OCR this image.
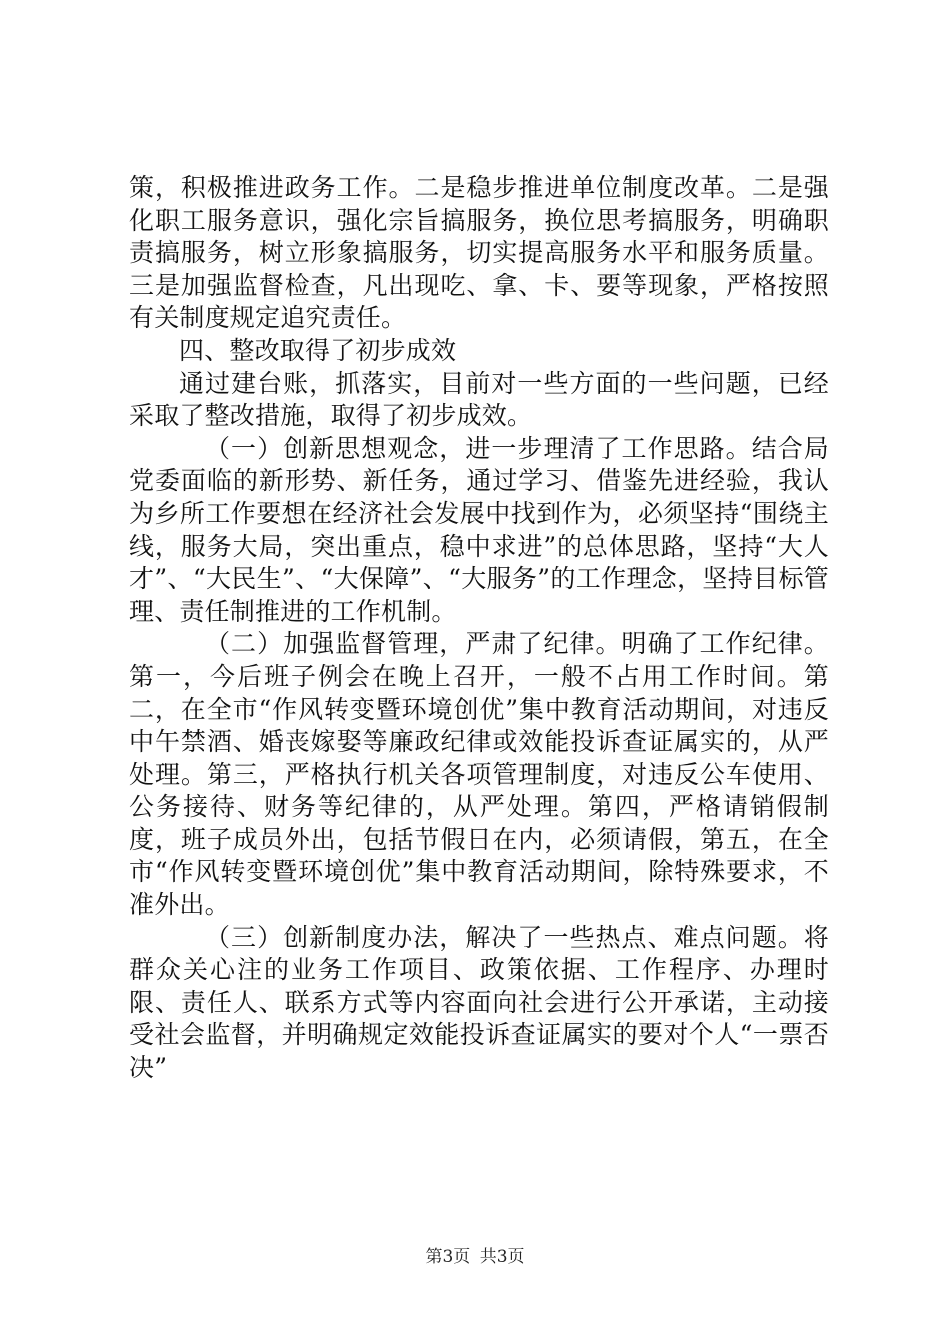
策，积极推进政务工作。二是稳步推进单位制度改革。二是强化职工服务意识，强化宗旨搞服务，换位思考搞服务，明确职责搞服务，树立形象搞服务，切实提高服务水平和服务质量。三是加强监督检查，凡出现吃、拿、卡、要等现象，严格按照有关制度规定追究责任。

四、整改取得了初步成效

通过建台账，抓落实，目前对一些方面的一些问题，已经采取了整改措施，取得了初步成效。

（一）创新思想观念，进一步理清了工作思路。结合局党委面临的新形势、新任务，通过学习、借鉴先进经验，我认为乡所工作要想在经济社会发展中找到作为，必须坚持“围绕主线，服务大局，突出重点，稳中求进”的总体思路，坚持“大人才”、“大民生”、“大保障”、“大服务”的工作理念，坚持目标管理、责任制推进的工作机制。

（二）加强监督管理，严肃了纪律。明确了工作纪律。第一，今后班子例会在晚上召开，一般不占用工作时间。第二，在全市“作风转变暨环境创优”集中教育活动期间，对违反中午禁酒、婚丧嫁娶等廉政纪律或效能投诉查证属实的，从严处理。第三，严格执行机关各项管理制度，对违反公车使用、公务接待、财务等纪律的，从严处理。第四，严格请销假制度，班子成员外出，包括节假日在内，必须请假，第五，在全市“作风转变暨环境创优”集中教育活动期间，除特殊要求，不准外出。

（三）创新制度办法，解决了一些热点、难点问题。将群众关心注的业务工作项目、政策依据、工作程序、办理时限、责任人、联系方式等内容面向社会进行公开承诺，主动接受社会监督，并明确规定效能投诉查证属实的要对个人“一票否决”

第3页 共3页
